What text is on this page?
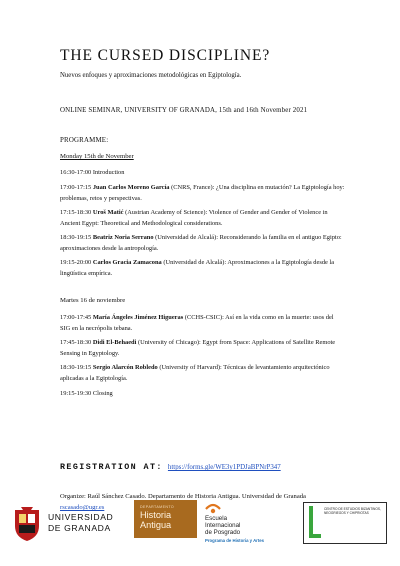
THE CURSED DISCIPLINE?
Nuevos enfoques y aproximaciones metodológicas en Egiptología.
ONLINE SEMINAR, UNIVERSITY OF GRANADA, 15th and 16th November 2021
PROGRAMME:
Monday 15th de November
16:30-17:00 Introduction
17:00-17:15 Juan Carlos Moreno García (CNRS, France): ¿Una disciplina en mutación? La Egiptología hoy: problemas, retos y perspectivas.
17:15-18:30 Uroš Matić (Austrian Academy of Science): Violence of Gender and Gender of Violence in Ancient Egypt: Theoretical and Methodological considerations.
18:30-19:15 Beatriz Noria Serrano (Universidad de Alcalá): Reconsiderando la familia en el antiguo Egipto: aproximaciones desde la antropología.
19:15-20:00 Carlos Gracia Zamacona (Universidad de Alcalá): Aproximaciones a la Egiptología desde la lingüística empírica.
Martes 16 de noviembre
17:00-17:45 María Ángeles Jiménez Higueras (CCHS-CSIC): Así en la vida como en la muerte: usos del SIG en la necrópolis tebana.
17:45-18:30 Didi El-Behaedi (University of Chicago): Egypt from Space: Applications of Satellite Remote Sensing in Egyptology.
18:30-19:15 Sergio Alarcón Robledo (University of Harvard): Técnicas de levantamiento arquitectónico aplicadas a la Egiptología.
19:15-19:30 Closing
REGISTRATION AT: https://forms.gle/WE3y1PDJaBPNrP347
Organize: Raúl Sánchez Casado. Departamento de Historia Antigua. Universidad de Granada rscasado@ugr.es
UNIVERSIDAD
DE GRANADA
DEPARTAMENTO
Historia
Antigua
Escuela
Internacional
de Posgrado
Programa de Historia y Artes
CENTRO DE ESTUDIOS BIZANTINOS, NEOGRIEGOS Y CHIPRIOTAS
